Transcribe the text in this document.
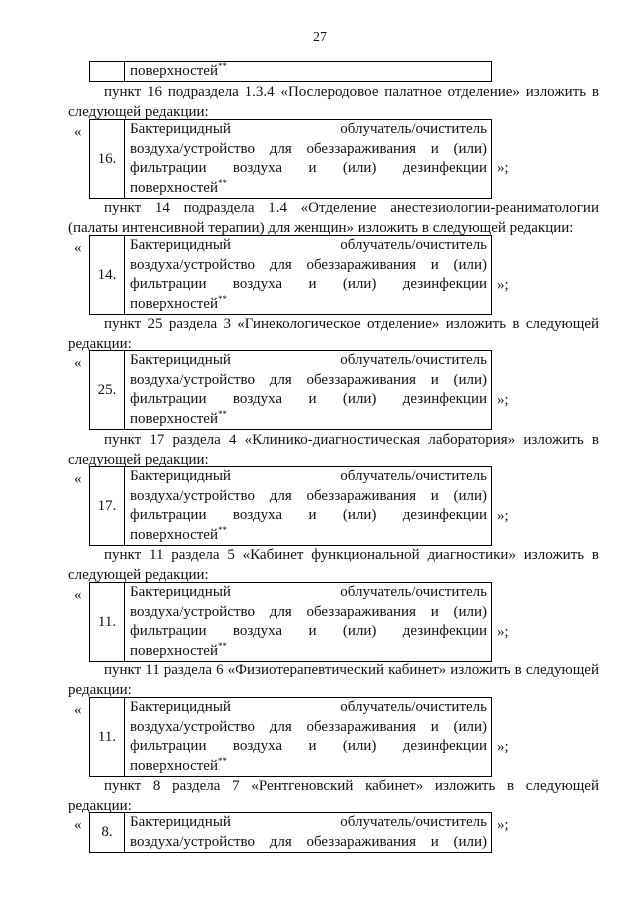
27
поверхностей**

пункт 16 подраздела 1.3.4 «Послеродовое палатное отделение» изложить в следующей редакции:

«
16.
Бактерицидный облучатель/очиститель
воздуха/устройство для обеззараживания и (или)
фильтрации воздуха и (или) дезинфекции
поверхностей**
»;

пункт 14 подраздела 1.4 «Отделение анестезиологии-реаниматологии (палаты интенсивной терапии) для женщин» изложить в следующей редакции:

«
14.
Бактерицидный облучатель/очиститель
воздуха/устройство для обеззараживания и (или)
фильтрации воздуха и (или) дезинфекции
поверхностей**
»;

пункт 25 раздела 3 «Гинекологическое отделение» изложить в следующей редакции:

«
25.
Бактерицидный облучатель/очиститель
воздуха/устройство для обеззараживания и (или)
фильтрации воздуха и (или) дезинфекции
поверхностей**
»;

пункт 17 раздела 4 «Клинико-диагностическая лаборатория» изложить в следующей редакции:

«
17.
Бактерицидный облучатель/очиститель
воздуха/устройство для обеззараживания и (или)
фильтрации воздуха и (или) дезинфекции
поверхностей**
»;

пункт 11 раздела 5 «Кабинет функциональной диагностики» изложить в следующей редакции:

«
11.
Бактерицидный облучатель/очиститель
воздуха/устройство для обеззараживания и (или)
фильтрации воздуха и (или) дезинфекции
поверхностей**
»;

пункт 11 раздела 6 «Физиотерапевтический кабинет» изложить в следующей редакции:

«
11.
Бактерицидный облучатель/очиститель
воздуха/устройство для обеззараживания и (или)
фильтрации воздуха и (или) дезинфекции
поверхностей**
»;

пункт 8 раздела 7 «Рентгеновский кабинет» изложить в следующей редакции:

«	8.
Бактерицидный облучатель/очиститель
воздуха/устройство для обеззараживания и (или)
»;
